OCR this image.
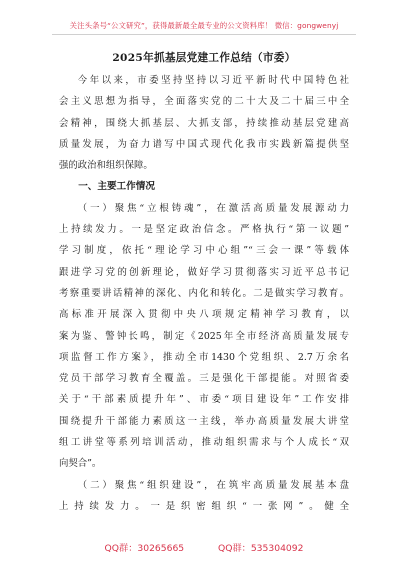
关注头条号“公文研究”，获得最新最全最专业的公文资料库！ 微信：gongwenyj
2025年抓基层党建工作总结（市委）
今年以来，市委坚持坚持以习近平新时代中国特色社
会主义思想为指导，全面落实党的二十大及二十届三中全
会精神，围绕大抓基层、大抓支部，持续推动基层党建高
质量发展，为奋力谱写中国式现代化我市实践新篇提供坚
强的政治和组织保障。
一、主要工作情况
（一）聚焦“立根铸魂”，在激活高质量发展源动力
上持续发力。一是坚定政治信念。严格执行“第一议题”
学习制度，依托“理论学习中心组”“三会一课”等载体
跟进学习党的创新理论，做好学习贯彻落实习近平总书记
考察重要讲话精神的深化、内化和转化。二是做实学习教育。
高标准开展深入贯彻中央八项规定精神学习教育，以
案为鉴、警钟长鸣，制定《2025年全市经济高质量发展专
项监督工作方案》，推动全市1430个党组织、2.7万余名
党员干部学习教育全覆盖。三是强化干部提能。对照省委
关于“干部素质提升年”、市委“项目建设年”工作安排
围绕提升干部能力素质这一主线，举办高质量发展大讲堂
组工讲堂等系列培训活动，推动组织需求与个人成长“双
向契合”。
（二）聚焦“组织建设”，在筑牢高质量发展基本盘
上持续发力。一是织密组织“一张网”。健全
QQ群：30265665	QQ群：535304092
